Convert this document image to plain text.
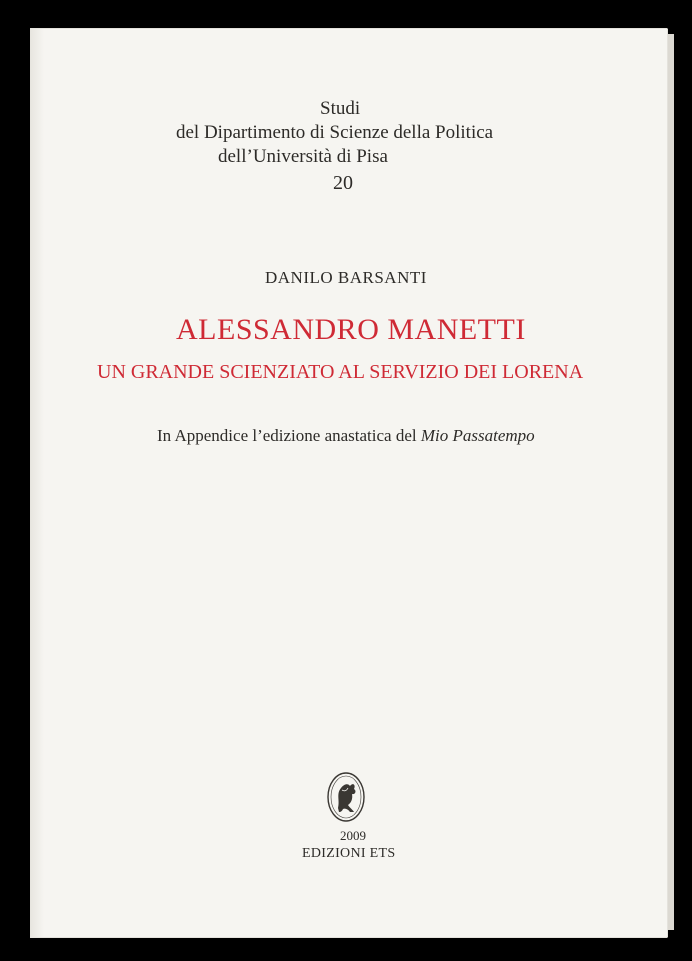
Studi
del Dipartimento di Scienze della Politica
dell’Università di Pisa
20
DANILO BARSANTI
ALESSANDRO MANETTI
UN GRANDE SCIENZIATO AL SERVIZIO DEI LORENA
In Appendice l’edizione anastatica del Mio Passatempo
2009
EDIZIONI ETS
